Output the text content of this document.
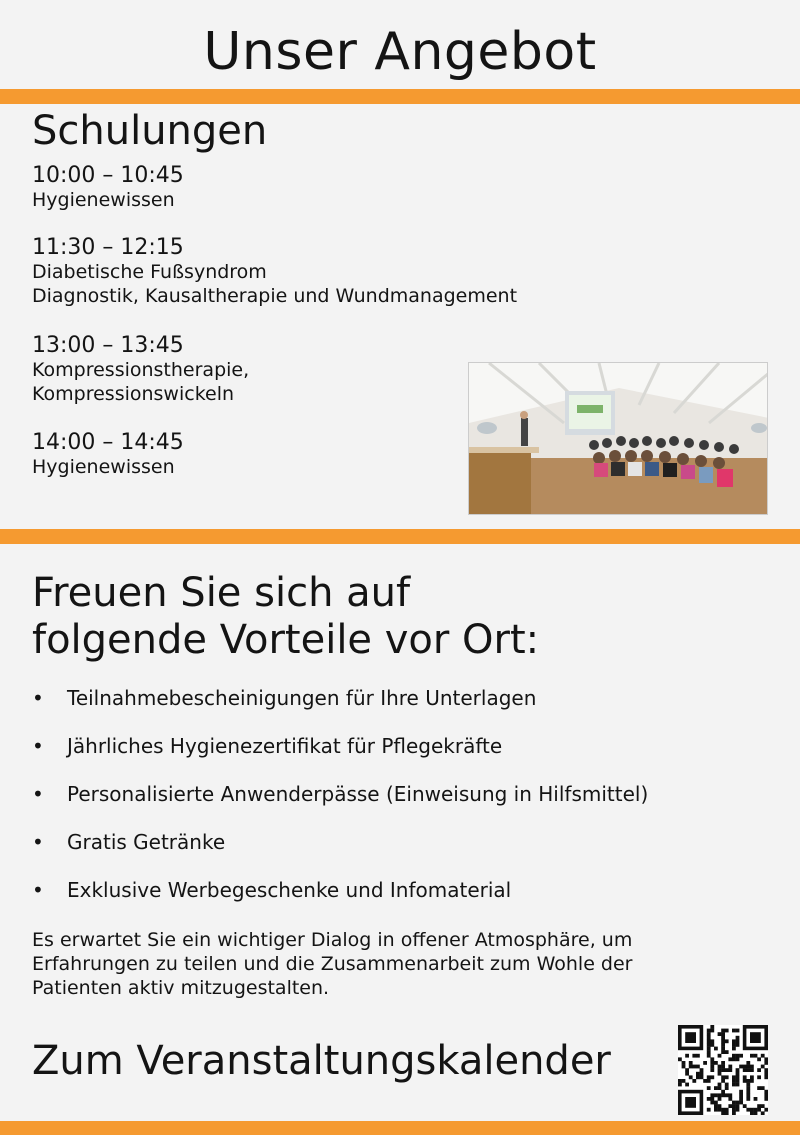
Unser Angebot
Schulungen
10:00 – 10:45
Hygienewissen
11:30 – 12:15
Diabetische Fußsyndrom
Diagnostik, Kausaltherapie und Wundmanagement
13:00 – 13:45
Kompressionstherapie,
Kompressionswickeln
14:00 – 14:45
Hygienewissen
Freuen Sie sich auf
folgende Vorteile vor Ort:
• Teilnahmebescheinigungen für Ihre Unterlagen
• Jährliches Hygienezertifikat für Pflegekräfte
• Personalisierte Anwenderpässe (Einweisung in Hilfsmittel)
• Gratis Getränke
• Exklusive Werbegeschenke und Infomaterial
Es erwartet Sie ein wichtiger Dialog in offener Atmosphäre, um
Erfahrungen zu teilen und die Zusammenarbeit zum Wohle der
Patienten aktiv mitzugestalten.
Zum Veranstaltungskalender
